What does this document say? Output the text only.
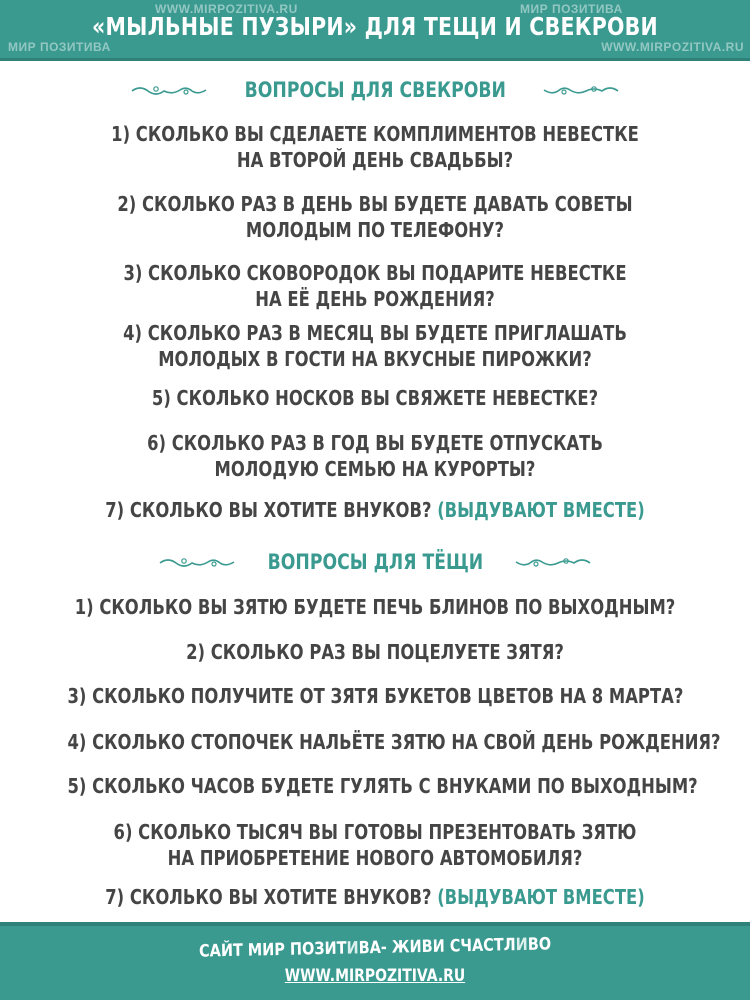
WWW.MIRPOZITIVA.RU	МИР ПОЗИТИВА
МИР ПОЗИТИВА	WWW.MIRPOZITIVA.RU
«МЫЛЬНЫЕ ПУЗЫРИ» ДЛЯ ТЕЩИ И СВЕКРОВИ
ВОПРОСЫ ДЛЯ СВЕКРОВИ
1) СКОЛЬКО ВЫ СДЕЛАЕТЕ КОМПЛИМЕНТОВ НЕВЕСТКЕ
НА ВТОРОЙ ДЕНЬ СВАДЬБЫ?
2) СКОЛЬКО РАЗ В ДЕНЬ ВЫ БУДЕТЕ ДАВАТЬ СОВЕТЫ
МОЛОДЫМ ПО ТЕЛЕФОНУ?
3) СКОЛЬКО СКОВОРОДОК ВЫ ПОДАРИТЕ НЕВЕСТКЕ
НА ЕЁ ДЕНЬ РОЖДЕНИЯ?
4) СКОЛЬКО РАЗ В МЕСЯЦ ВЫ БУДЕТЕ ПРИГЛАШАТЬ
МОЛОДЫХ В ГОСТИ НА ВКУСНЫЕ ПИРОЖКИ?
5) СКОЛЬКО НОСКОВ ВЫ СВЯЖЕТЕ НЕВЕСТКЕ?
6) СКОЛЬКО РАЗ В ГОД ВЫ БУДЕТЕ ОТПУСКАТЬ
МОЛОДУЮ СЕМЬЮ НА КУРОРТЫ?
7) СКОЛЬКО ВЫ ХОТИТЕ ВНУКОВ? (ВЫДУВАЮТ ВМЕСТЕ)
ВОПРОСЫ ДЛЯ ТЁЩИ
1) СКОЛЬКО ВЫ ЗЯТЮ БУДЕТЕ ПЕЧЬ БЛИНОВ ПО ВЫХОДНЫМ?
2) СКОЛЬКО РАЗ ВЫ ПОЦЕЛУЕТЕ ЗЯТЯ?
3) СКОЛЬКО ПОЛУЧИТЕ ОТ ЗЯТЯ БУКЕТОВ ЦВЕТОВ НА 8 МАРТА?
4) СКОЛЬКО СТОПОЧЕК НАЛЬЁТЕ ЗЯТЮ НА СВОЙ ДЕНЬ РОЖДЕНИЯ?
5) СКОЛЬКО ЧАСОВ БУДЕТЕ ГУЛЯТЬ С ВНУКАМИ ПО ВЫХОДНЫМ?
6) СКОЛЬКО ТЫСЯЧ ВЫ ГОТОВЫ ПРЕЗЕНТОВАТЬ ЗЯТЮ
НА ПРИОБРЕТЕНИЕ НОВОГО АВТОМОБИЛЯ?
7) СКОЛЬКО ВЫ ХОТИТЕ ВНУКОВ? (ВЫДУВАЮТ ВМЕСТЕ)
САЙТ МИР ПОЗИТИВА- ЖИВИ СЧАСТЛИВО
WWW.MIRPOZITIVA.RU
